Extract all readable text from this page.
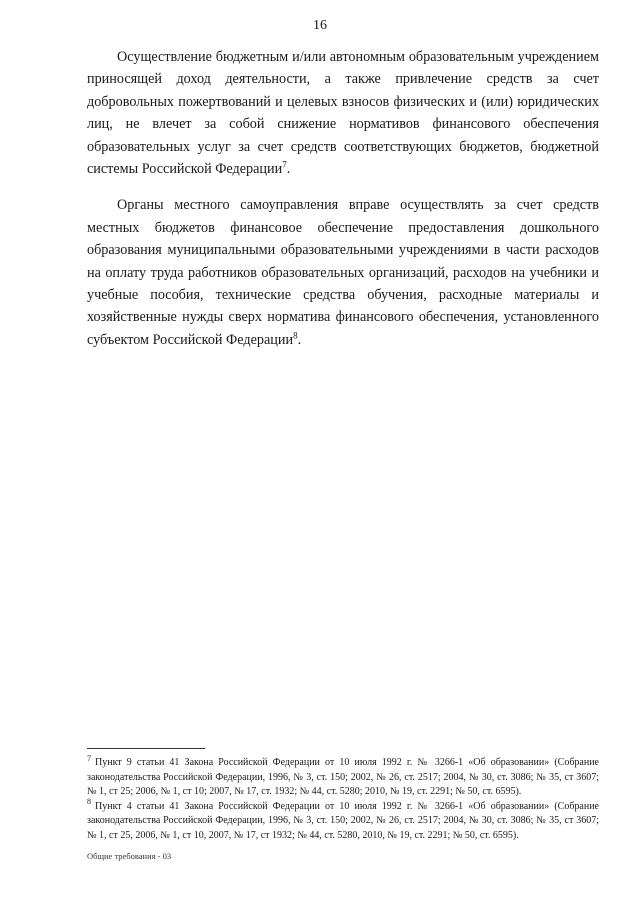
16

Осуществление бюджетным и/или автономным образовательным учреждением приносящей доход деятельности, а также привлечение средств за счет добровольных пожертвований и целевых взносов физических и (или) юридических лиц, не влечет за собой снижение нормативов финансового обеспечения образовательных услуг за счет средств соответствующих бюджетов, бюджетной системы Российской Федерации$^7$.

Органы местного самоуправления вправе осуществлять за счет средств местных бюджетов финансовое обеспечение предоставления дошкольного образования муниципальными образовательными учреждениями в части расходов на оплату труда работников образовательных организаций, расходов на учебники и учебные пособия, технические средства обучения, расходные материалы и хозяйственные нужды сверх норматива финансового обеспечения, установленного субъектом Российской Федерации$^8$.

$^7$ Пункт 9 статьи 41 Закона Российской Федерации от 10 июля 1992 г. № 3266-1 «Об образовании» (Собрание законодательства Российской Федерации, 1996, № 3, ст. 150; 2002, № 26, ст. 2517; 2004, № 30, ст. 3086; № 35, ст 3607; № 1, ст 25; 2006, № 1, ст 10; 2007, № 17, ст. 1932; № 44, ст. 5280; 2010, № 19, ст. 2291; № 50, ст. 6595).

$^8$ Пункт 4 статьи 41 Закона Российской Федерации от 10 июля 1992 г. № 3266-1 «Об образовании» (Собрание законодательства Российской Федерации, 1996, № 3, ст. 150; 2002, № 26, ст. 2517; 2004, № 30, ст. 3086; № 35, ст 3607; № 1, ст 25, 2006, № 1, ст 10, 2007, № 17, ст 1932; № 44, ст. 5280, 2010, № 19, ст. 2291; № 50, ст. 6595).

Общие требования - 03
